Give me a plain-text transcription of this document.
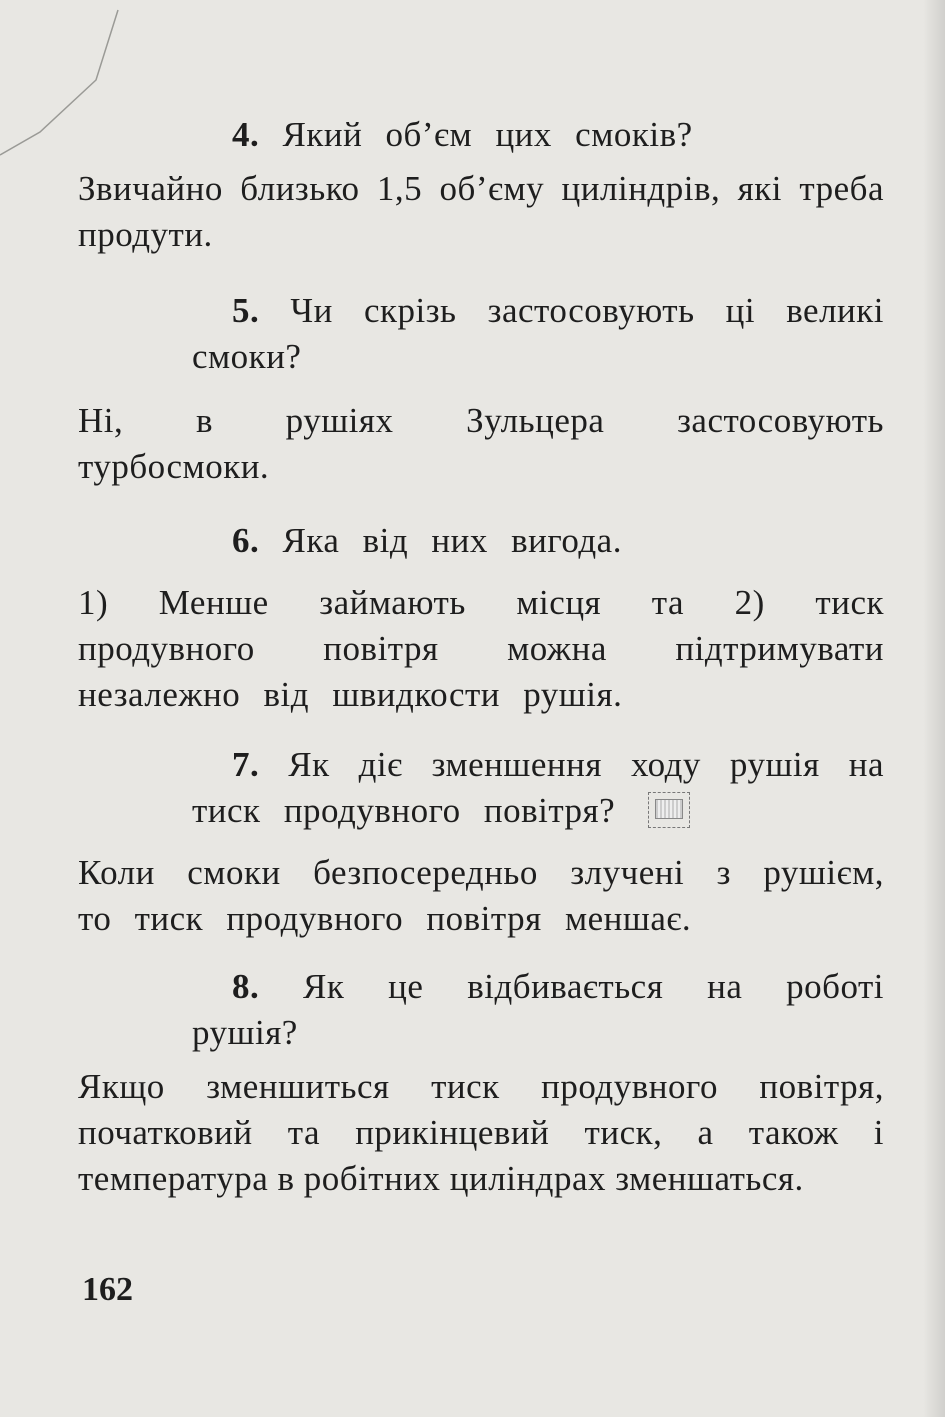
4. Який об’єм цих смоків?
Звичайно близько 1,5 об’єму циліндрів, які треба продути.
5. Чи скрізь застосовують ці великі смоки?
Ні, в рушіях Зульцера застосовують турбосмоки.
6. Яка від них вигода.
1) Менше займають місця та 2) тиск продувного повітря можна підтримувати незалежно від швидкости рушія.
7. Як діє зменшення ходу рушія на тиск продувного повітря?
Коли смоки безпосередньо злучені з рушієм, то тиск продувного повітря меншає.
8. Як це відбивається на роботі рушія?
Якщо зменшиться тиск продувного повітря, початковий та прикінцевий тиск, а також і температура в робітних циліндрах зменшаться.
162
